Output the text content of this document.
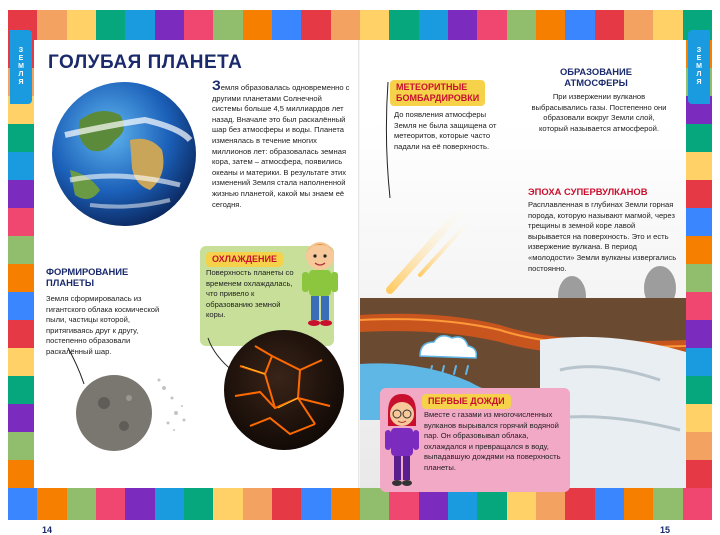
ЗЕМЛЯ	ЗЕМЛЯ
ГОЛУБАЯ ПЛАНЕТА
Земля образовалась одновременно с другими планетами Солнечной системы больше 4,5 миллиардов лет назад. Вначале это был раскалённый шар без атмосферы и воды. Планета изменялась в течение многих миллионов лет: образовалась земная кора, затем – атмосфера, появились океаны и материки. В результате этих изменений Земля стала наполненной жизнью планетой, какой мы знаем её сегодня.
ФОРМИРОВАНИЕ
ПЛАНЕТЫ
Земля сформировалась из гигантского облака космической пыли, частицы которой, притягиваясь друг к другу, постепенно образовали раскалённый шар.
ОХЛАЖДЕНИЕ
Поверхность планеты со временем охлаждалась, что привело к образованию земной коры.
14
МЕТЕОРИТНЫЕ
БОМБАРДИРОВКИ
До появления атмосферы Земля не была защищена от метеоритов, которые часто падали на её поверхность.
ОБРАЗОВАНИЕ
АТМОСФЕРЫ
При извержении вулканов выбрасывались газы. Постепенно они образовали вокруг Земли слой, который называется атмосферой.
ЭПОХА СУПЕРВУЛКАНОВ
Расплавленная в глубинах Земли горная порода, которую называют магмой, через трещины в земной коре лавой вырывается на поверхность. Это и есть извержение вулкана. В период «молодости» Земли вулканы извергались постоянно.
ПЕРВЫЕ ДОЖДИ
Вместе с газами из многочисленных вулканов вырывался горячий водяной пар. Он образовывал облака, охлаждался и превращался в воду, выпадавшую дождями на поверхность планеты.
15
